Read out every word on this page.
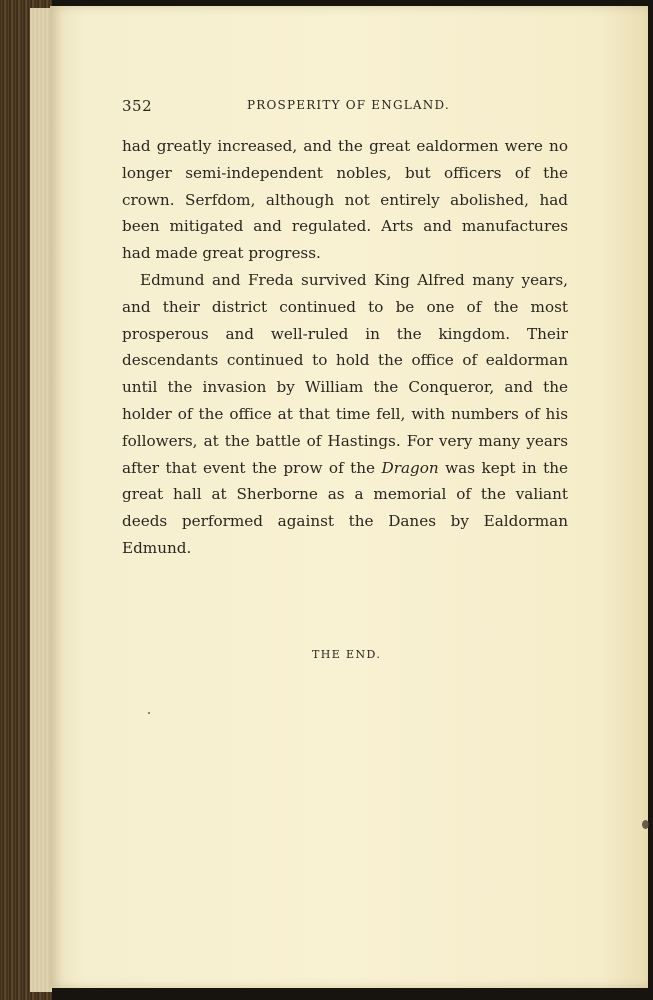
352	PROSPERITY OF ENGLAND.

had greatly increased, and the great ealdormen were no longer semi-independent nobles, but officers of the crown. Serfdom, although not entirely abolished, had been mitigated and regulated. Arts and manufactures had made great progress.

Edmund and Freda survived King Alfred many years, and their district continued to be one of the most prosperous and well-ruled in the kingdom. Their descendants continued to hold the office of ealdorman until the invasion by William the Conqueror, and the holder of the office at that time fell, with numbers of his followers, at the battle of Hastings. For very many years after that event the prow of the Dragon was kept in the great hall at Sherborne as a memorial of the valiant deeds performed against the Danes by Ealdorman Edmund.

THE END.
